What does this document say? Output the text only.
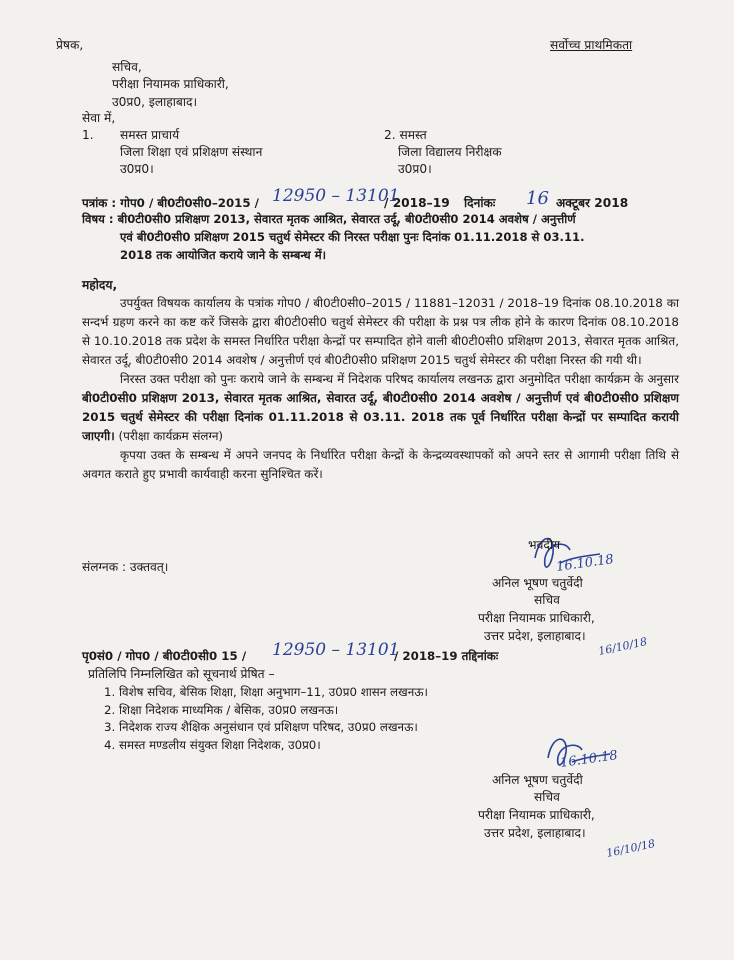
प्रेषक,	सर्वोच्च प्राथमिकता
सचिव,
परीक्षा नियामक प्राधिकारी,
उ0प्र0, इलाहाबाद।
सेवा में,
1. समस्त प्राचार्य
जिला शिक्षा एवं प्रशिक्षण संस्थान
उ0प्र0।
2. समस्त
जिला विद्यालय निरीक्षक
उ0प्र0।
पत्रांक : गोप0 / बी0टी0सी0–2015 / 12950 – 13101
/ 2018–19 दिनांकः 16 अक्टूबर 2018
विषय : बी0टी0सी0 प्रशिक्षण 2013, सेवारत मृतक आश्रित, सेवारत उर्दू, बी0टी0सी0 2014 अवशेष / अनुत्तीर्ण
एवं बी0टी0सी0 प्रशिक्षण 2015 चतुर्थ सेमेस्टर की निरस्त परीक्षा पुनः दिनांक 01.11.2018 से 03.11.
2018 तक आयोजित कराये जाने के सम्बन्ध में।
महोदय,

उपर्युक्त विषयक कार्यालय के पत्रांक गोप0 / बी0टी0सी0–2015 / 11881–12031 / 2018–19 दिनांक 08.10.2018 का सन्दर्भ ग्रहण करने का कष्ट करें जिसके द्वारा बी0टी0सी0 चतुर्थ सेमेस्टर की परीक्षा के प्रश्न पत्र लीक होने के कारण दिनांक 08.10.2018 से 10.10.2018 तक प्रदेश के समस्त निर्धारित परीक्षा केन्द्रों पर सम्पादित होने वाली बी0टी0सी0 प्रशिक्षण 2013, सेवारत मृतक आश्रित, सेवारत उर्दू, बी0टी0सी0 2014 अवशेष / अनुत्तीर्ण एवं बी0टी0सी0 प्रशिक्षण 2015 चतुर्थ सेमेस्टर की परीक्षा निरस्त की गयी थी।

निरस्त उक्त परीक्षा को पुनः कराये जाने के सम्बन्ध में निदेशक परिषद कार्यालय लखनऊ द्वारा अनुमोदित परीक्षा कार्यक्रम के अनुसार बी0टी0सी0 प्रशिक्षण 2013, सेवारत मृतक आश्रित, सेवारत उर्दू, बी0टी0सी0 2014 अवशेष / अनुत्तीर्ण एवं बी0टी0सी0 प्रशिक्षण 2015 चतुर्थ सेमेस्टर की परीक्षा दिनांक 01.11.2018 से 03.11. 2018 तक पूर्व निर्धारित परीक्षा केन्द्रों पर सम्पादित करायी जाएगी। (परीक्षा कार्यक्रम संलग्न)

कृपया उक्त के सम्बन्ध में अपने जनपद के निर्धारित परीक्षा केन्द्रों के केन्द्रव्यवस्थापकों को अपने स्तर से आगामी परीक्षा तिथि से अवगत कराते हुए प्रभावी कार्यवाही करना सुनिश्चित करें।

भवदीय
16.10.18
अनिल भूषण चतुर्वेदी
सचिव
परीक्षा नियामक प्राधिकारी,
उत्तर प्रदेश, इलाहाबाद। 16/10/18
संलग्नक : उक्तवत्।
पृ0सं0 / गोप0 / बी0टी0सी0 15 / 12950 – 13101
/ 2018–19 तद्दिनांकः
प्रतिलिपि निम्नलिखित को सूचनार्थ प्रेषित –
1. विशेष सचिव, बेसिक शिक्षा, शिक्षा अनुभाग–11, उ0प्र0 शासन लखनऊ।
2. शिक्षा निदेशक माध्यमिक / बेसिक, उ0प्र0 लखनऊ।
3. निदेशक राज्य शैक्षिक अनुसंधान एवं प्रशिक्षण परिषद, उ0प्र0 लखनऊ।
4. समस्त मण्डलीय संयुक्त शिक्षा निदेशक, उ0प्र0।
16.10.18
अनिल भूषण चतुर्वेदी
सचिव
परीक्षा नियामक प्राधिकारी,
उत्तर प्रदेश, इलाहाबाद।
16/10/18
